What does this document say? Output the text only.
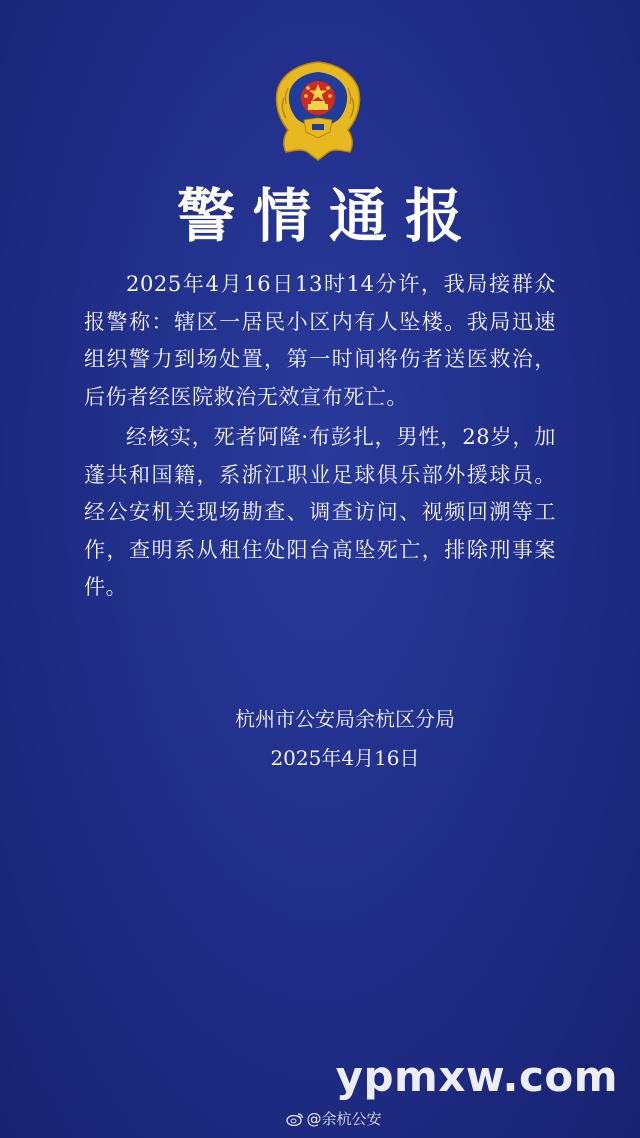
警情通报

2025年4月16日13时14分许，我局接群众报警称：辖区一居民小区内有人坠楼。我局迅速组织警力到场处置，第一时间将伤者送医救治，后伤者经医院救治无效宣布死亡。

经核实，死者阿隆·布彭扎，男性，28岁，加蓬共和国籍，系浙江职业足球俱乐部外援球员。经公安机关现场勘查、调查访问、视频回溯等工作，查明系从租住处阳台高坠死亡，排除刑事案件。

杭州市公安局余杭区分局
2025年4月16日
ypmxw.com
@余杭公安
